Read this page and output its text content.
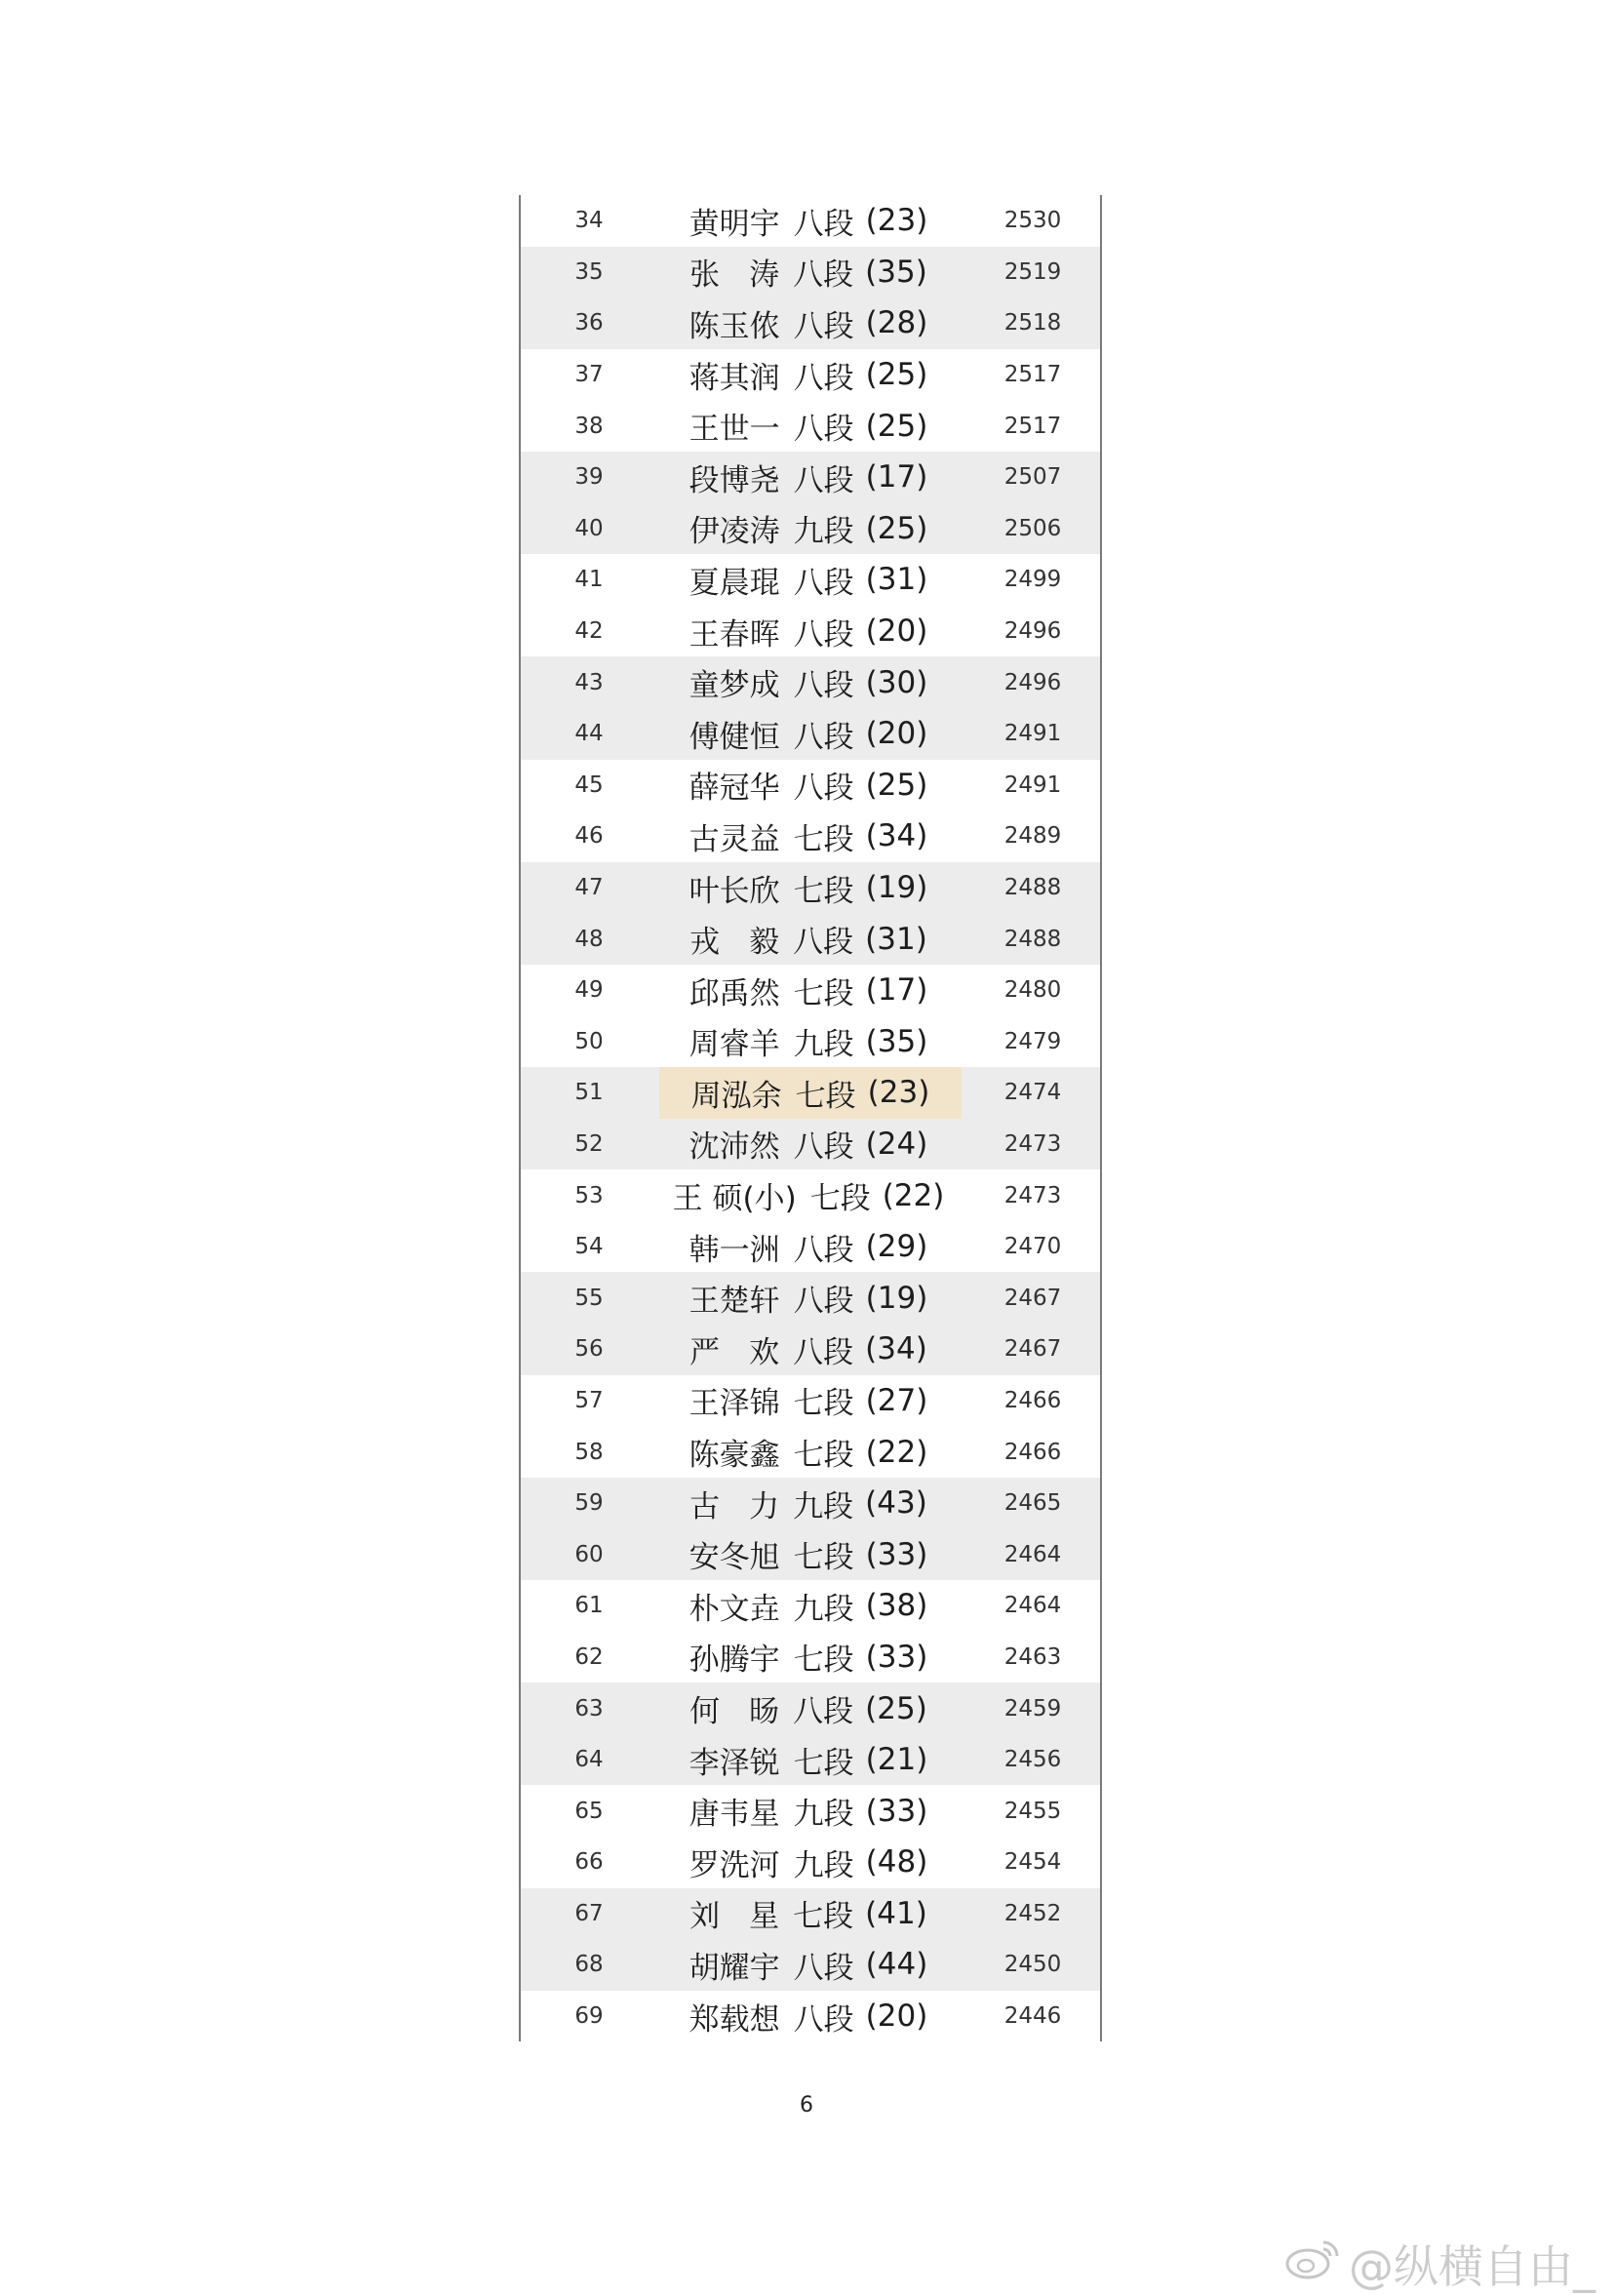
34	黄明宇 八段 (23)	2530
35	张涛 八段 (35)	2519
36	陈玉侬 八段 (28)	2518
37	蒋其润 八段 (25)	2517
38	王世一 八段 (25)	2517
39	段博尧 八段 (17)	2507
40	伊凌涛 九段 (25)	2506
41	夏晨琨 八段 (31)	2499
42	王春晖 八段 (20)	2496
43	童梦成 八段 (30)	2496
44	傅健恒 八段 (20)	2491
45	薛冠华 八段 (25)	2491
46	古灵益 七段 (34)	2489
47	叶长欣 七段 (19)	2488
48	戎毅 八段 (31)	2488
49	邱禹然 七段 (17)	2480
50	周睿羊 九段 (35)	2479
51	周泓余 七段 (23)	2474
52	沈沛然 八段 (24)	2473
53	王 硕(小) 七段 (22)	2473
54	韩一洲 八段 (29)	2470
55	王楚轩 八段 (19)	2467
56	严欢 八段 (34)	2467
57	王泽锦 七段 (27)	2466
58	陈豪鑫 七段 (22)	2466
59	古力 九段 (43)	2465
60	安冬旭 七段 (33)	2464
61	朴文垚 九段 (38)	2464
62	孙腾宇 七段 (33)	2463
63	何旸 八段 (25)	2459
64	李泽锐 七段 (21)	2456
65	唐韦星 九段 (33)	2455
66	罗洗河 九段 (48)	2454
67	刘星 七段 (41)	2452
68	胡耀宇 八段 (44)	2450
69	郑载想 八段 (20)	2446
6
@纵横自由_
